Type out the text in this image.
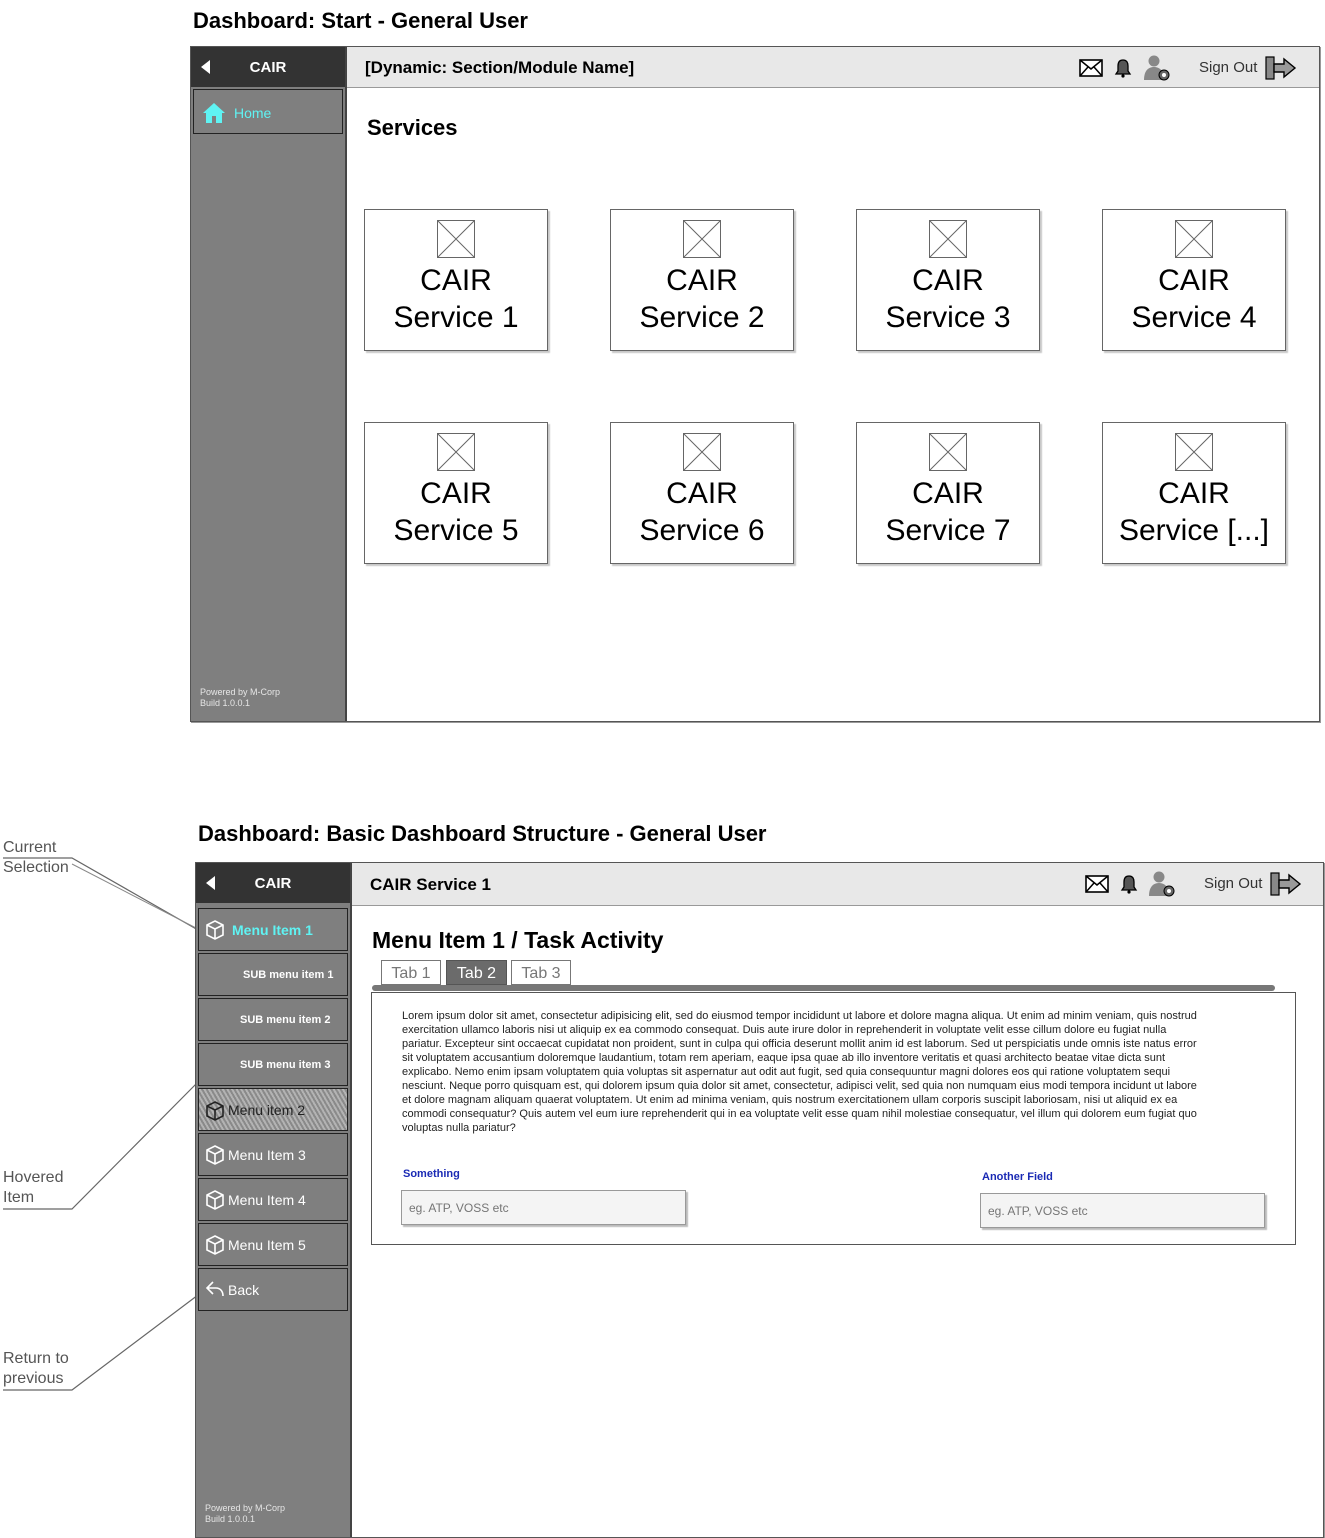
Dashboard: Start - General User
CAIR
Home
Powered by M-Corp
Build 1.0.0.1
[Dynamic: Section/Module Name]	Sign Out
Services
CAIR
Service 1
CAIR
Service 2
CAIR
Service 3
CAIR
Service 4
CAIR
Service 5
CAIR
Service 6
CAIR
Service 7
CAIR
Service [...]
Dashboard: Basic Dashboard Structure - General User
Current
Selection
Hovered
Item
Return to
previous
CAIR
Menu Item 1
SUB menu item 1
SUB menu item 2
SUB menu item 3
Menu item 2
Menu Item 3
Menu Item 4
Menu Item 5
Back
Powered by M-Corp
Build 1.0.0.1
CAIR Service 1	Sign Out
Menu Item 1 / Task Activity
Tab 1	Tab 2	Tab 3
Lorem ipsum dolor sit amet, consectetur adipisicing elit, sed do eiusmod tempor incididunt ut labore et dolore magna aliqua. Ut enim ad minim veniam, quis nostrud exercitation ullamco laboris nisi ut aliquip ex ea commodo consequat. Duis aute irure dolor in reprehenderit in voluptate velit esse cillum dolore eu fugiat nulla pariatur. Excepteur sint occaecat cupidatat non proident, sunt in culpa qui officia deserunt mollit anim id est laborum. Sed ut perspiciatis unde omnis iste natus error sit voluptatem accusantium doloremque laudantium, totam rem aperiam, eaque ipsa quae ab illo inventore veritatis et quasi architecto beatae vitae dicta sunt explicabo. Nemo enim ipsam voluptatem quia voluptas sit aspernatur aut odit aut fugit, sed quia consequuntur magni dolores eos qui ratione voluptatem sequi nesciunt. Neque porro quisquam est, qui dolorem ipsum quia dolor sit amet, consectetur, adipisci velit, sed quia non numquam eius modi tempora incidunt ut labore et dolore magnam aliquam quaerat voluptatem. Ut enim ad minima veniam, quis nostrum exercitationem ullam corporis suscipit laboriosam, nisi ut aliquid ex ea commodi consequatur? Quis autem vel eum iure reprehenderit qui in ea voluptate velit esse quam nihil molestiae consequatur, vel illum qui dolorem eum fugiat quo voluptas nulla pariatur?
Something
eg. ATP, VOSS etc	Another Field
eg. ATP, VOSS etc
